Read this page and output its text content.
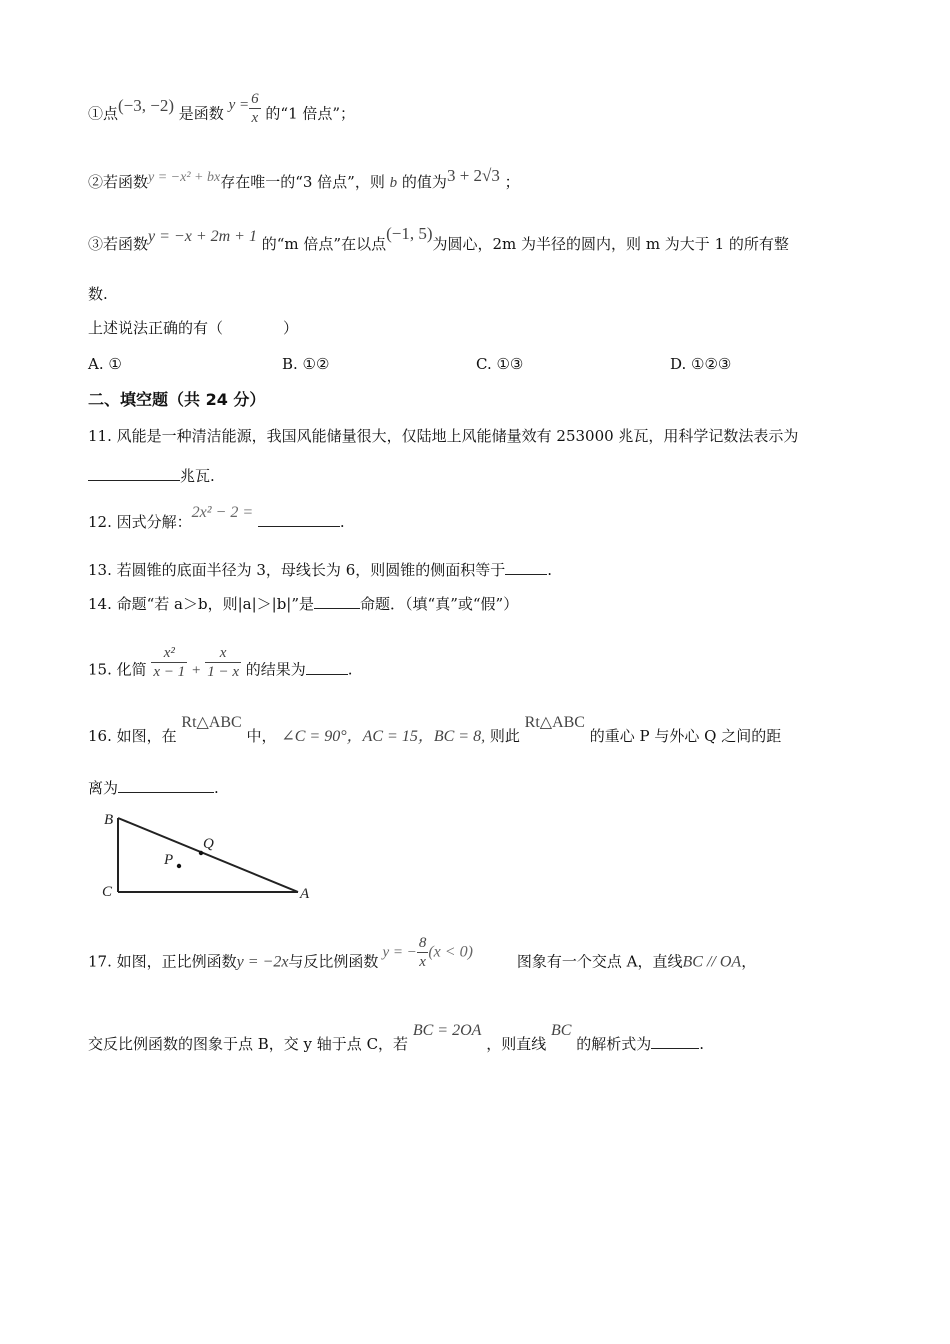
①点(−3, −2) 是函数 $y = \frac{6}{x}$ 的“1 倍点”；
②若函数y = −x² + bx存在唯一的“3 倍点”，则 b 的值为3 + 2√3 ；
③若函数y = −x + 2m + 1 的“m 倍点”在以点(−1, 5)为圆心，2m 为半径的圆内，则 m 为大于 1 的所有整
数.
上述说法正确的有（　　　　）
A. ①	B. ①②	C. ①③	D. ①②③
二、填空题（共 24 分）
11. 风能是一种清洁能源，我国风能储量很大，仅陆地上风能储量效有 253000 兆瓦，用科学记数法表示为
兆瓦.
12. 因式分解：2x² − 2 = .
13. 若圆锥的底面半径为 3，母线长为 6，则圆锥的侧面积等于	.
14. 命题“若 a＞b，则|a|＞|b|”是	命题．（填“真”或“假”）
15. 化简 $\frac{\text{x²}}{x - 1} + \frac{x}{1 - x}$ 的结果为	.
16. 如图，在 Rt△ABC 中， ∠C = 90°，AC = 15，BC = 8, 则此 Rt△ABC 的重心 P 与外心 Q 之间的距
离为	.
B
C	A
P
Q
17. 如图，正比例函数y = −2x与反比例函数 y = − $\frac{8}{x} (x < 0)$图象有一个交点 A，直线BC // OA，
交反比例函数的图象于点 B，交 y 轴于点 C，若 BC = 2OA ，则直线 BC 的解析式为	.
